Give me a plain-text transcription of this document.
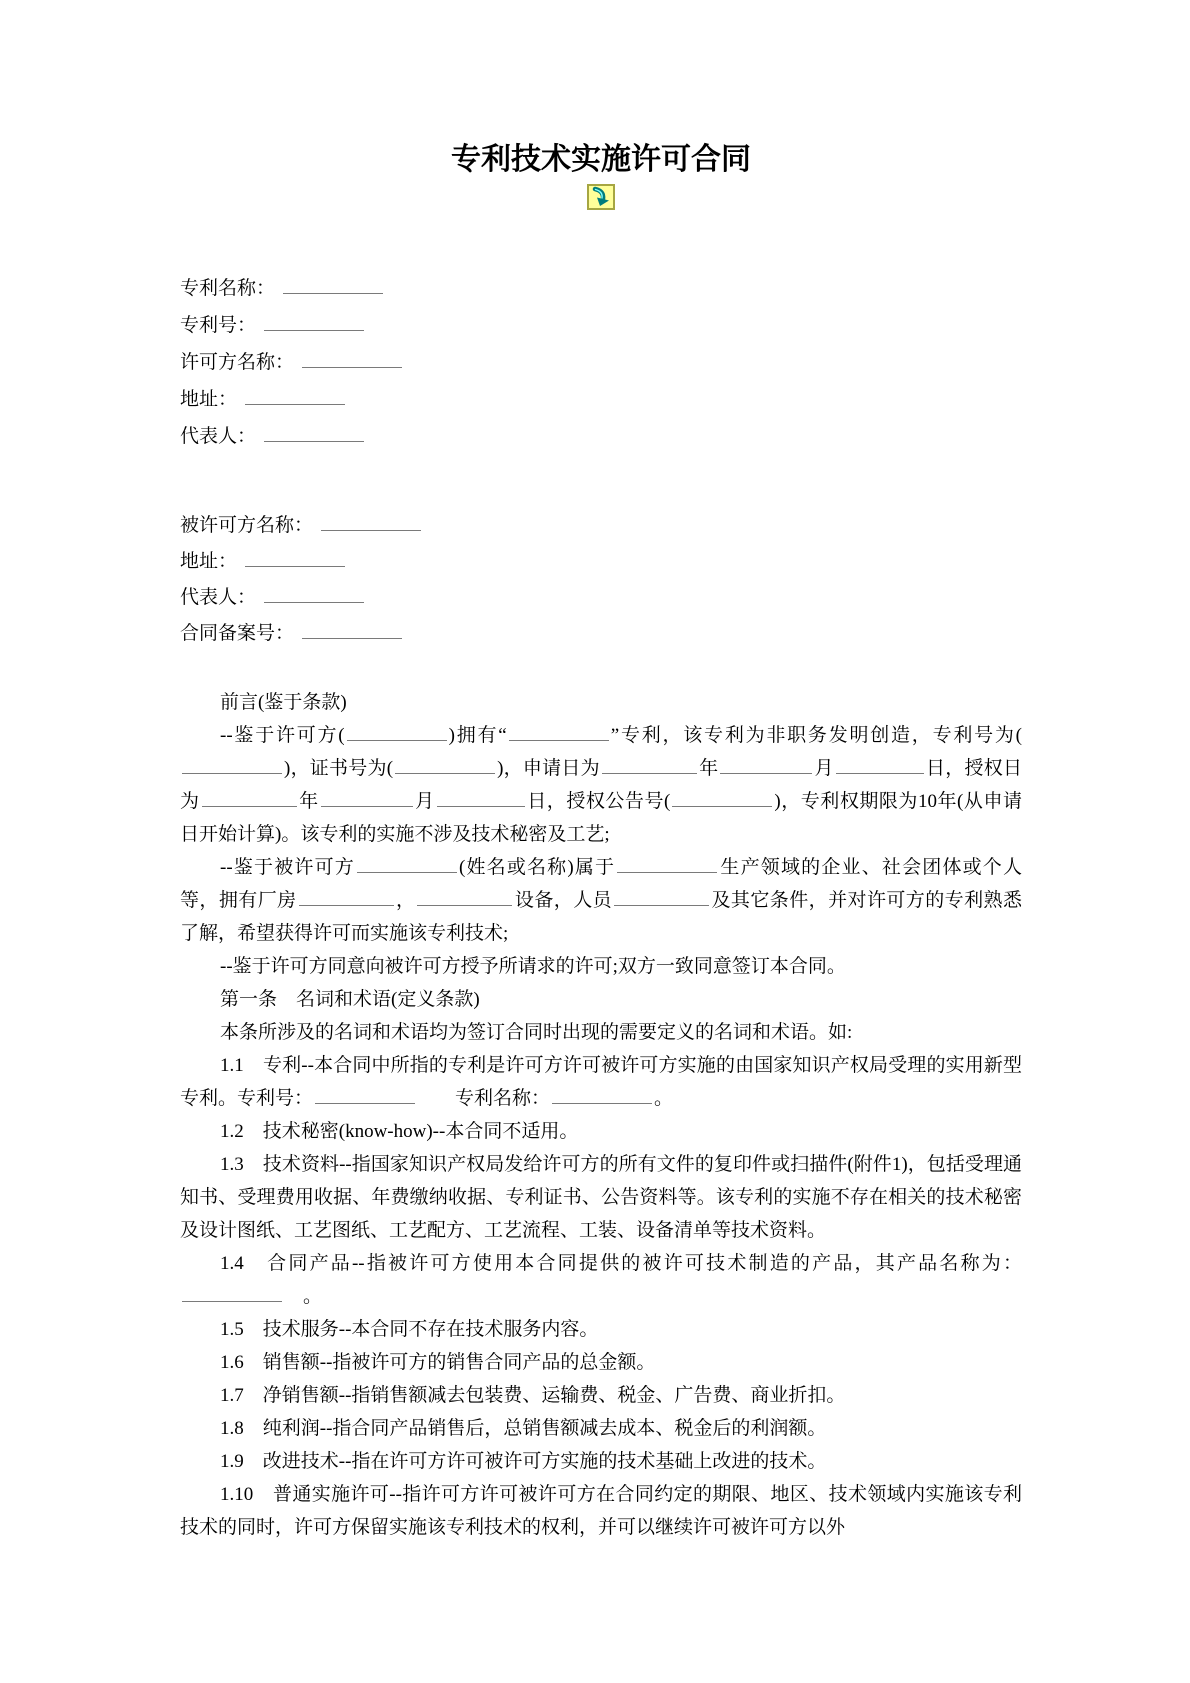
专利技术实施许可合同
专利名称：
专利号：
许可方名称：
地址：
代表人：
被许可方名称：
地址：
代表人：
合同备案号：

前言(鉴于条款)

--鉴于许可方(	)拥有“	”专利，该专利为非职务发明创造，专利号为()，证书号为(	)，申请日为	年	月	日，授权日为	年	月	日，授权公告号(	)，专利权期限为10年(从申请日开始计算)。该专利的实施不涉及技术秘密及工艺;

--鉴于被许可方	(姓名或名称)属于	生产领域的企业、社会团体或个人等，拥有厂房	，	设备，人员	及其它条件，并对许可方的专利熟悉了解，希望获得许可而实施该专利技术;

--鉴于许可方同意向被许可方授予所请求的许可;双方一致同意签订本合同。

第一条　名词和术语(定义条款)

本条所涉及的名词和术语均为签订合同时出现的需要定义的名词和术语。如:

1.1　专利--本合同中所指的专利是许可方许可被许可方实施的由国家知识产权局受理的实用新型专利。专利号：	　　专利名称：	。

1.2　技术秘密(know-how)--本合同不适用。

1.3　技术资料--指国家知识产权局发给许可方的所有文件的复印件或扫描件(附件1)，包括受理通知书、受理费用收据、年费缴纳收据、专利证书、公告资料等。该专利的实施不存在相关的技术秘密及设计图纸、工艺图纸、工艺配方、工艺流程、工装、设备清单等技术资料。

1.4　合同产品--指被许可方使用本合同提供的被许可技术制造的产品，其产品名称为：　。

1.5　技术服务--本合同不存在技术服务内容。

1.6　销售额--指被许可方的销售合同产品的总金额。

1.7　净销售额--指销售额减去包装费、运输费、税金、广告费、商业折扣。

1.8　纯利润--指合同产品销售后，总销售额减去成本、税金后的利润额。

1.9　改进技术--指在许可方许可被许可方实施的技术基础上改进的技术。

1.10　普通实施许可--指许可方许可被许可方在合同约定的期限、地区、技术领域内实施该专利技术的同时，许可方保留实施该专利技术的权利，并可以继续许可被许可方以外
